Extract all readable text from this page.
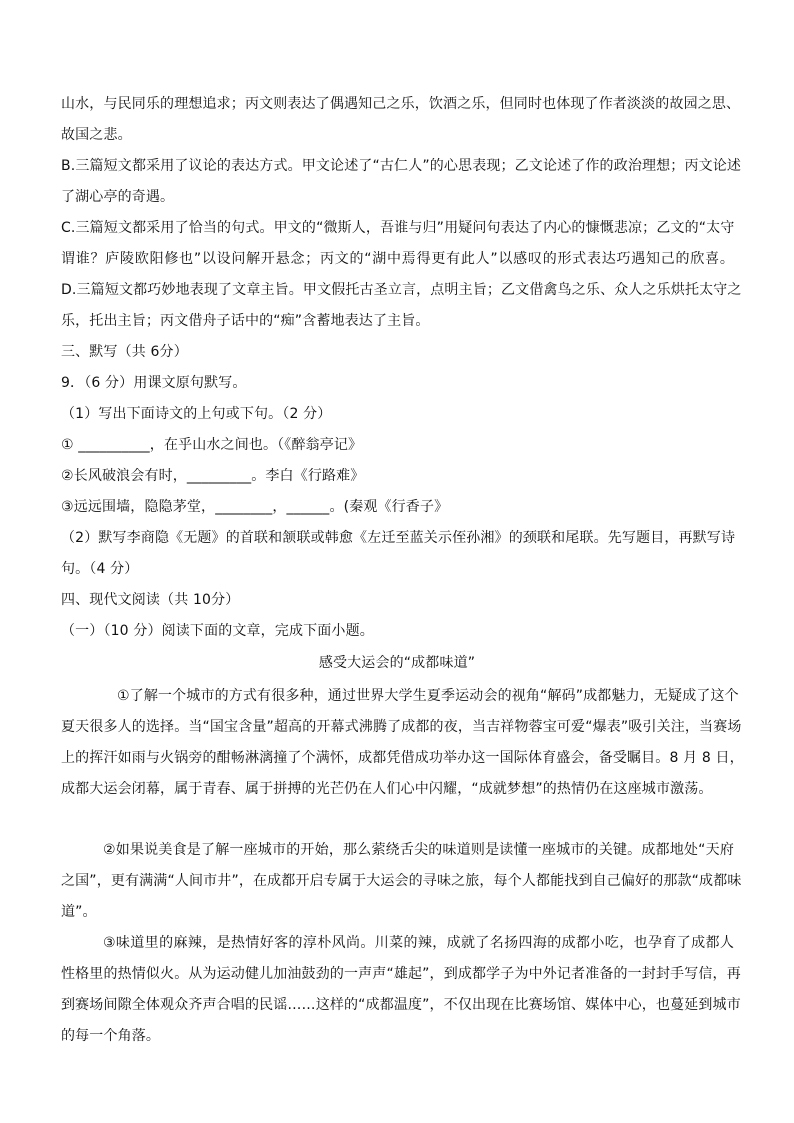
山水，与民同乐的理想追求；丙文则表达了偶遇知己之乐，饮酒之乐，但同时也体现了作者淡淡的故园之思、
故国之悲。
B.三篇短文都采用了议论的表达方式。甲文论述了“古仁人”的心思表现；乙文论述了作的政治理想；丙文论述
了湖心亭的奇遇。
C.三篇短文都采用了恰当的句式。甲文的“微斯人，吾谁与归”用疑问句表达了内心的慷慨悲凉；乙文的“太守
谓谁？庐陵欧阳修也”以设问解开悬念；丙文的“湖中焉得更有此人”以感叹的形式表达巧遇知己的欣喜。
D.三篇短文都巧妙地表现了文章主旨。甲文假托古圣立言，点明主旨；乙文借禽鸟之乐、众人之乐烘托太守之
乐，托出主旨；丙文借舟子话中的“痴”含蓄地表达了主旨。
三、默写（共 6分）
9．（6 分）用课文原句默写。
（1）写出下面诗文的上句或下句。（2 分）
① __________，在乎山水之间也。（《醉翁亭记》
②长风破浪会有时，_________。李白《行路难》
③远远围墙，隐隐茅堂，________，______。(秦观《行香子》
（2）默写李商隐《无题》的首联和颔联或韩愈《左迁至蓝关示侄孙湘》的颈联和尾联。先写题目，再默写诗
句。（4 分）
四、现代文阅读（共 10分）
（一）（10 分）阅读下面的文章，完成下面小题。
感受大运会的“成都味道”
①了解一个城市的方式有很多种，通过世界大学生夏季运动会的视角“解码”成都魅力，无疑成了这个
夏天很多人的选择。当“国宝含量”超高的开幕式沸腾了成都的夜，当吉祥物蓉宝可爱“爆表”吸引关注，当赛场
上的挥汗如雨与火锅旁的酣畅淋漓撞了个满怀，成都凭借成功举办这一国际体育盛会，备受瞩目。8 月 8 日，
成都大运会闭幕，属于青春、属于拼搏的光芒仍在人们心中闪耀，“成就梦想”的热情仍在这座城市激荡。
②如果说美食是了解一座城市的开始，那么萦绕舌尖的味道则是读懂一座城市的关键。成都地处“天府
之国”，更有满满“人间市井”，在成都开启专属于大运会的寻味之旅，每个人都能找到自己偏好的那款“成都味
道”。
③味道里的麻辣，是热情好客的淳朴风尚。川菜的辣，成就了名扬四海的成都小吃，也孕育了成都人
性格里的热情似火。从为运动健儿加油鼓劲的一声声“雄起”，到成都学子为中外记者准备的一封封手写信，再
到赛场间隙全体观众齐声合唱的民谣……这样的“成都温度”，不仅出现在比赛场馆、媒体中心，也蔓延到城市
的每一个角落。
